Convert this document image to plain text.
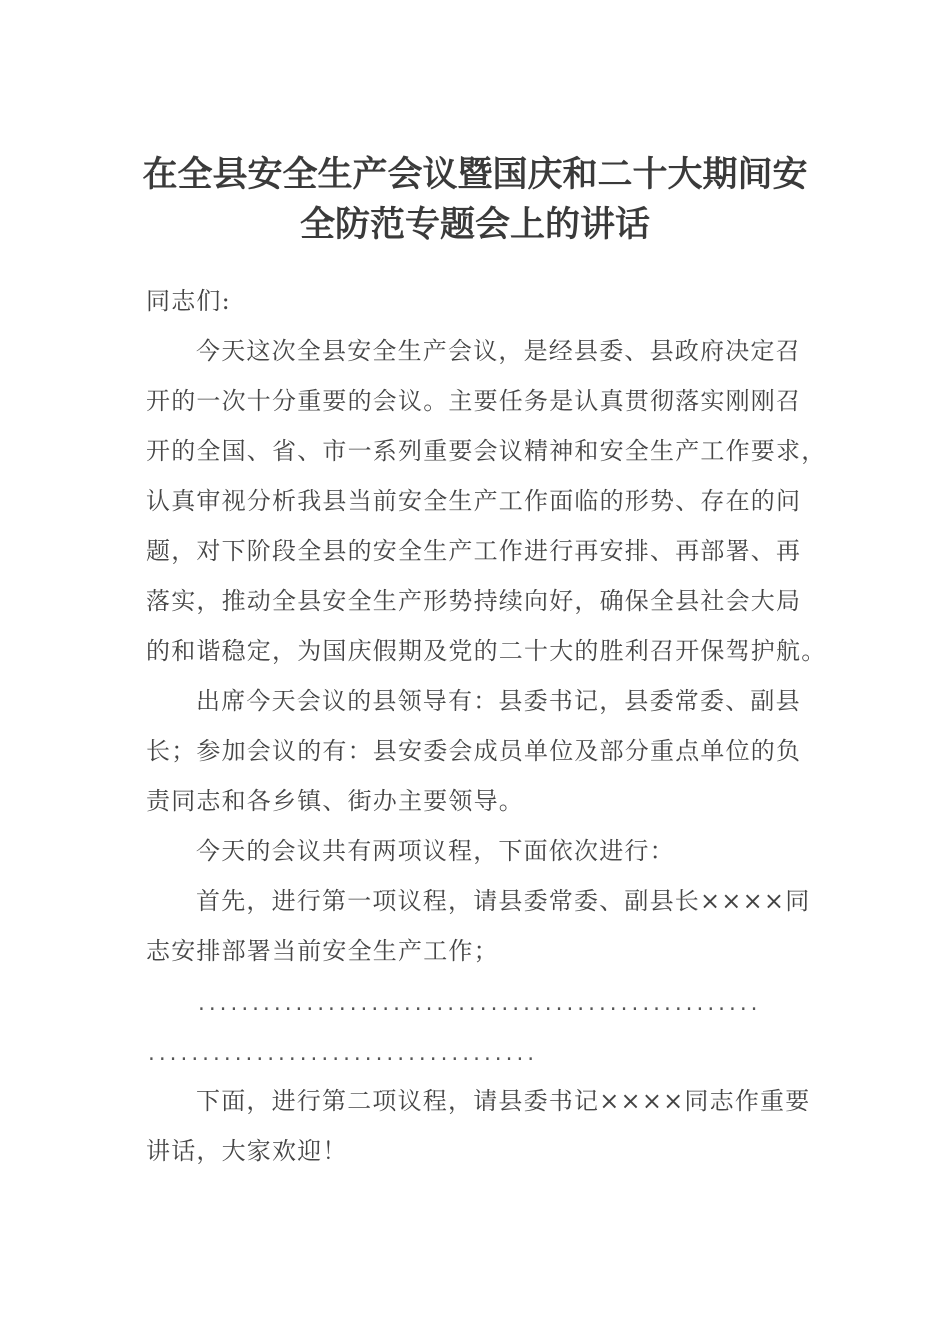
在全县安全生产会议暨国庆和二十大期间安
全防范专题会上的讲话
同志们:
今天这次全县安全生产会议，是经县委、县政府决定召
开的一次十分重要的会议。主要任务是认真贯彻落实刚刚召
开的全国、省、市一系列重要会议精神和安全生产工作要求，
认真审视分析我县当前安全生产工作面临的形势、存在的问
题，对下阶段全县的安全生产工作进行再安排、再部署、再
落实，推动全县安全生产形势持续向好，确保全县社会大局
的和谐稳定，为国庆假期及党的二十大的胜利召开保驾护航。
出席今天会议的县领导有：县委书记，县委常委、副县
长；参加会议的有：县安委会成员单位及部分重点单位的负
责同志和各乡镇、街办主要领导。
今天的会议共有两项议程，下面依次进行：
首先，进行第一项议程，请县委常委、副县长××××同
志安排部署当前安全生产工作；
....................................................
....................................
下面，进行第二项议程，请县委书记××××同志作重要
讲话，大家欢迎！
